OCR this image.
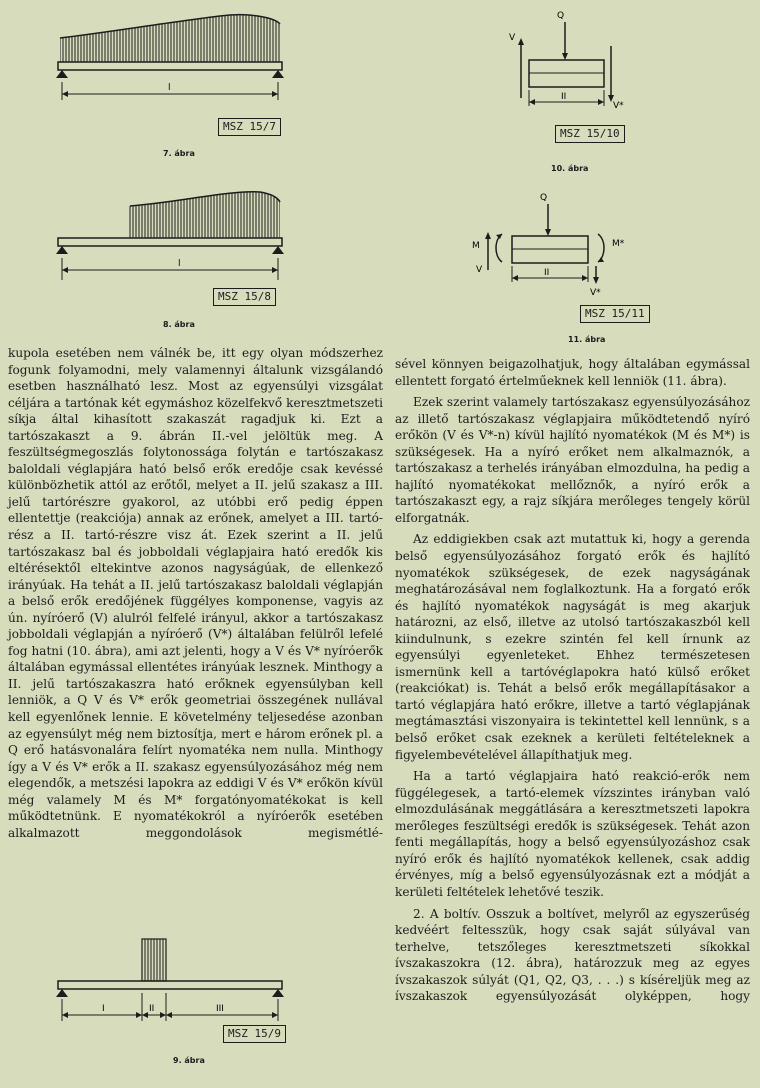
l
MSZ 15/7
7. ábra
l
MSZ 15/8
8. ábra
Q
V
V*
II
MSZ 15/10
10. ábra
Q
M	M*
V*
V	II
MSZ 15/11
11. ábra

kupola esetében nem válnék be, itt egy olyan módszerhez fogunk folyamodni, mely valamennyi általunk vizsgálandó esetben használható lesz. Most az egyensúlyi vizsgálat céljára a tartónak két egymáshoz közelfekvő keresztmetszeti síkja által kihasított szakaszát ragadjuk ki. Ezt a tartószakaszt a 9. ábrán II.-vel jelöltük meg. A feszültségmegoszlás folytonossága folytán e tartószakasz baloldali véglapjára ható belső erők eredője csak kevéssé különbözhetik attól az erőtől, melyet a II. jelű szakasz a III. jelű tartórészre gyakorol, az utóbbi erő pedig éppen ellentettje (reakciója) annak az erőnek, amelyet a III. tartó-rész a II. tartó-részre visz át. Ezek szerint a II. jelű tartószakasz bal és jobboldali véglapjaira ható eredők kis eltérésektől eltekintve azonos nagyságúak, de ellenkező irányúak. Ha tehát a II. jelű tartószakasz baloldali véglapján a belső erők eredőjének függélyes komponense, vagyis az ún. nyíróerő (V) alulról felfelé irányul, akkor a tartószakasz jobboldali véglapján a nyíróerő (V*) általában felülről lefelé fog hatni (10. ábra), ami azt jelenti, hogy a V és V* nyíróerők általában egymással ellentétes irányúak lesznek. Minthogy a II. jelű tartószakaszra ható erőknek egyensúlyban kell lenniök, a Q V és V* erők geometriai összegének nullával kell egyenlőnek lennie. E követelmény teljesedése azonban az egyensúlyt még nem biztosítja, mert e három erőnek pl. a Q erő hatásvonalára felírt nyomatéka nem nulla. Minthogy így a V és V* erők a II. szakasz egyensúlyozásához még nem elegendők, a metszési lapokra az eddigi V és V* erőkön kívül még valamely M és M* forgatónyomatékokat is kell működtetnünk. E nyomatékokról a nyíróerők esetében alkalmazott meggondolások megismétlé-

I	II	III
MSZ 15/9
9. ábra

sével könnyen beigazolhatjuk, hogy általában egymással ellentett forgató értelműeknek kell lenniök (11. ábra).

Ezek szerint valamely tartószakasz egyensúlyozásához az illető tartószakasz véglapjaira működtetendő nyíró erőkön (V és V*-n) kívül hajlító nyomatékok (M és M*) is szükségesek. Ha a nyíró erőket nem alkalmaznók, a tartószakasz a terhelés irányában elmozdulna, ha pedig a hajlító nyomatékokat mellőznők, a nyíró erők a tartószakaszt egy, a rajz síkjára merőleges tengely körül elforgatnák.

Az eddigiekben csak azt mutattuk ki, hogy a gerenda belső egyensúlyozásához forgató erők és hajlító nyomatékok szükségesek, de ezek nagyságának meghatározásával nem foglalkoztunk. Ha a forgató erők és hajlító nyomatékok nagyságát is meg akarjuk határozni, az első, illetve az utolsó tartószakaszból kell kiindulnunk, s ezekre szintén fel kell írnunk az egyensúlyi egyenleteket. Ehhez természetesen ismernünk kell a tartóvéglapokra ható külső erőket (reakciókat) is. Tehát a belső erők megállapításakor a tartó véglapjára ható erőkre, illetve a tartó véglapjának megtámasztási viszonyaira is tekintettel kell lennünk, s a belső erőket csak ezeknek a kerületi feltételeknek a figyelembevételével állapíthatjuk meg.

Ha a tartó véglapjaira ható reakció-erők nem függélegesek, a tartó-elemek vízszintes irányban való elmozdulásának meggátlására a keresztmetszeti lapokra merőleges feszültségi eredők is szükségesek. Tehát azon fenti megállapítás, hogy a belső egyensúlyozáshoz csak nyíró erők és hajlító nyomatékok kellenek, csak addig érvényes, míg a belső egyensúlyozásnak ezt a módját a kerületi feltételek lehetővé teszik.

2. A boltív. Osszuk a boltívet, melyről az egyszerűség kedvéért feltesszük, hogy csak saját súlyával van terhelve, tetszőleges keresztmetszeti síkokkal ívszakaszokra (12. ábra), határozzuk meg az egyes ívszakaszok súlyát (Q1, Q2, Q3, . . .) s kíséreljük meg az ívszakaszok egyensúlyozását olyképpen, hogy
